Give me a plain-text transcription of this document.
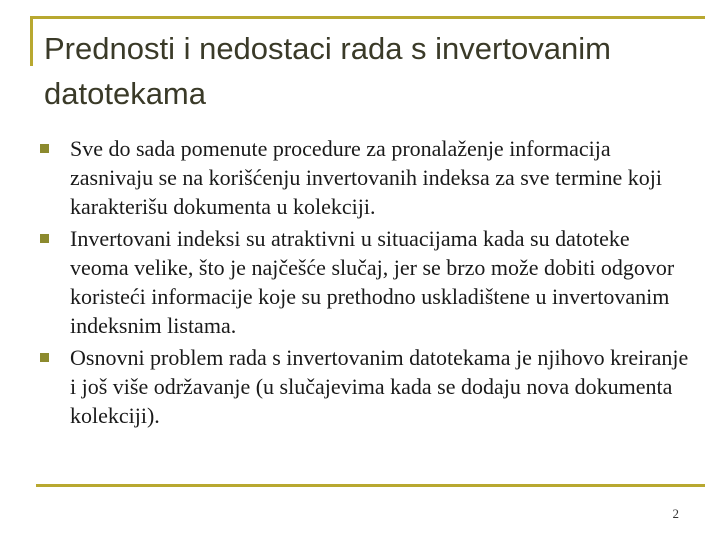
Prednosti i nedostaci rada s invertovanim datotekama
Sve do sada pomenute procedure za pronalaženje informacija zasnivaju se na korišćenju invertovanih indeksa za sve termine koji karakterišu dokumenta u kolekciji.
Invertovani indeksi su atraktivni u situacijama kada su datoteke veoma velike, što je najčešće slučaj, jer se brzo može dobiti odgovor koristeći informacije koje su prethodno uskladištene u invertovanim indeksnim listama.
Osnovni problem rada s invertovanim datotekama je njihovo kreiranje i još više održavanje (u slučajevima kada se dodaju nova dokumenta kolekciji).
2
